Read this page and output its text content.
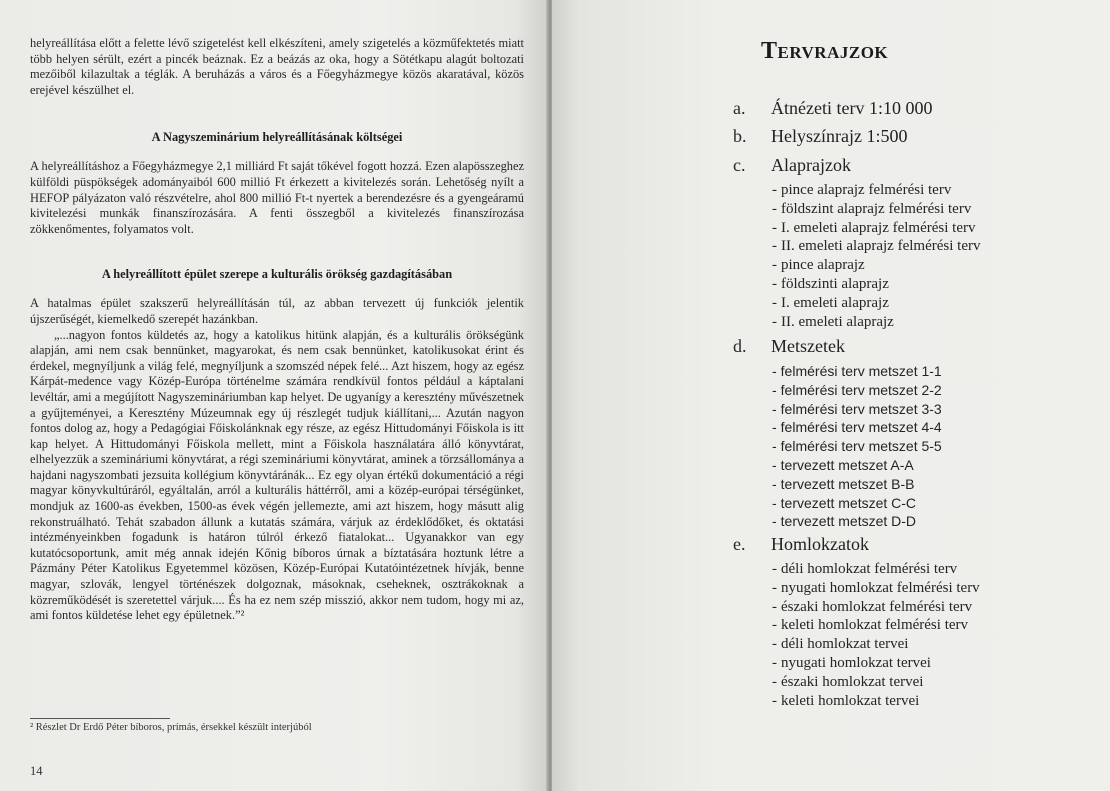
helyreállítása előtt a felette lévő szigetelést kell elkészíteni, amely szigetelés a közműfektetés miatt több helyen sérült, ezért a pincék beáznak. Ez a beázás az oka, hogy a Sötétkapu alagút boltozati mezőiből kilazultak a téglák. A beruházás a város és a Főegyházmegye közös akaratával, közös erejével készülhet el.

A Nagyszeminárium helyreállításának költségei

A helyreállításhoz a Főegyházmegye 2,1 milliárd Ft saját tőkével fogott hozzá. Ezen alapösszeghez külföldi püspökségek adományaiból 600 millió Ft érkezett a kivitelezés során. Lehetőség nyílt a HEFOP pályázaton való részvételre, ahol 800 millió Ft-t nyertek a berendezésre és a gyengeáramú kivitelezési munkák finanszírozására. A fenti összegből a kivitelezés finanszírozása zökkenőmentes, folyamatos volt.

A helyreállított épület szerepe a kulturális örökség gazdagításában

A hatalmas épület szakszerű helyreállításán túl, az abban tervezett új funkciók jelentik újszerűségét, kiemelkedő szerepét hazánkban.

„...nagyon fontos küldetés az, hogy a katolikus hitünk alapján, és a kulturális örökségünk alapján, ami nem csak bennünket, magyarokat, és nem csak bennünket, katolikusokat érint és érdekel, megnyíljunk a világ felé, megnyíljunk a szomszéd népek felé... Azt hiszem, hogy az egész Kárpát-medence vagy Közép-Európa történelme számára rendkívül fontos például a káptalani levéltár, ami a megújított Nagyszemináriumban kap helyet. De ugyanígy a keresztény művészetnek a gyűjteményei, a Keresztény Múzeumnak egy új részlegét tudjuk kiállítani,... Azután nagyon fontos dolog az, hogy a Pedagógiai Főiskolánknak egy része, az egész Hittudományi Főiskola is itt kap helyet. A Hittudományi Főiskola mellett, mint a Főiskola használatára álló könyvtárat, elhelyezzük a szemináriumi könyvtárat, a régi szemináriumi könyvtárat, aminek a törzsállománya a hajdani nagyszombati jezsuita kollégium könyvtáránák... Ez egy olyan értékű dokumentáció a régi magyar könyvkultúráról, egyáltalán, arról a kulturális háttérről, ami a közép-európai térségünket, mondjuk az 1600-as években, 1500-as évek végén jellemezte, ami azt hiszem, hogy másutt alig rekonstruálható. Tehát szabadon állunk a kutatás számára, várjuk az érdeklődőket, és oktatási intézményeinkben fogadunk is határon túlról érkező fiatalokat... Ugyanakkor van egy kutatócsoportunk, amit még annak idején Kőnig bíboros úrnak a bíztatására hoztunk létre a Pázmány Péter Katolikus Egyetemmel közösen, Közép-Európai Kutatóintézetnek hívják, benne magyar, szlovák, lengyel történészek dolgoznak, másoknak, cseheknek, osztrákoknak a közreműködését is szeretettel várjuk.... És ha ez nem szép misszió, akkor nem tudom, hogy mi az, ami fontos küldetése lehet egy épületnek.”²

² Részlet Dr Erdő Péter bíboros, prímás, érsekkel készült interjúból
14
Tervrajzok
a. Átnézeti terv 1:10 000
b. Helyszínrajz 1:500
c. Alaprajzok
- pince alaprajz felmérési terv
- földszint alaprajz felmérési terv
- I. emeleti alaprajz felmérési terv
- II. emeleti alaprajz felmérési terv
- pince alaprajz
- földszinti alaprajz
- I. emeleti alaprajz
- II. emeleti alaprajz
d. Metszetek
- felmérési terv metszet 1-1
- felmérési terv metszet 2-2
- felmérési terv metszet 3-3
- felmérési terv metszet 4-4
- felmérési terv metszet 5-5
- tervezett metszet A-A
- tervezett metszet B-B
- tervezett metszet C-C
- tervezett metszet D-D
e. Homlokzatok
- déli homlokzat felmérési terv
- nyugati homlokzat felmérési terv
- északi homlokzat felmérési terv
- keleti homlokzat felmérési terv
- déli homlokzat tervei
- nyugati homlokzat tervei
- északi homlokzat tervei
- keleti homlokzat tervei
